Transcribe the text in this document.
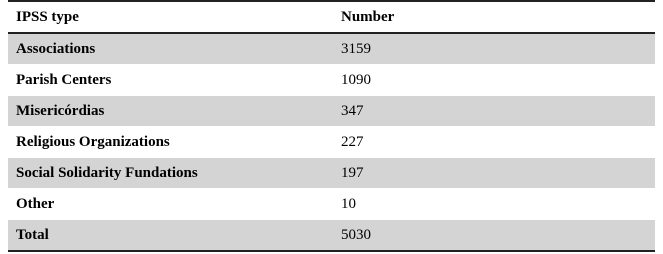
IPSS type	Number
Associations	3159
Parish Centers	1090
Misericórdias	347
Religious Organizations	227
Social Solidarity Fundations	197
Other	10
Total	5030
